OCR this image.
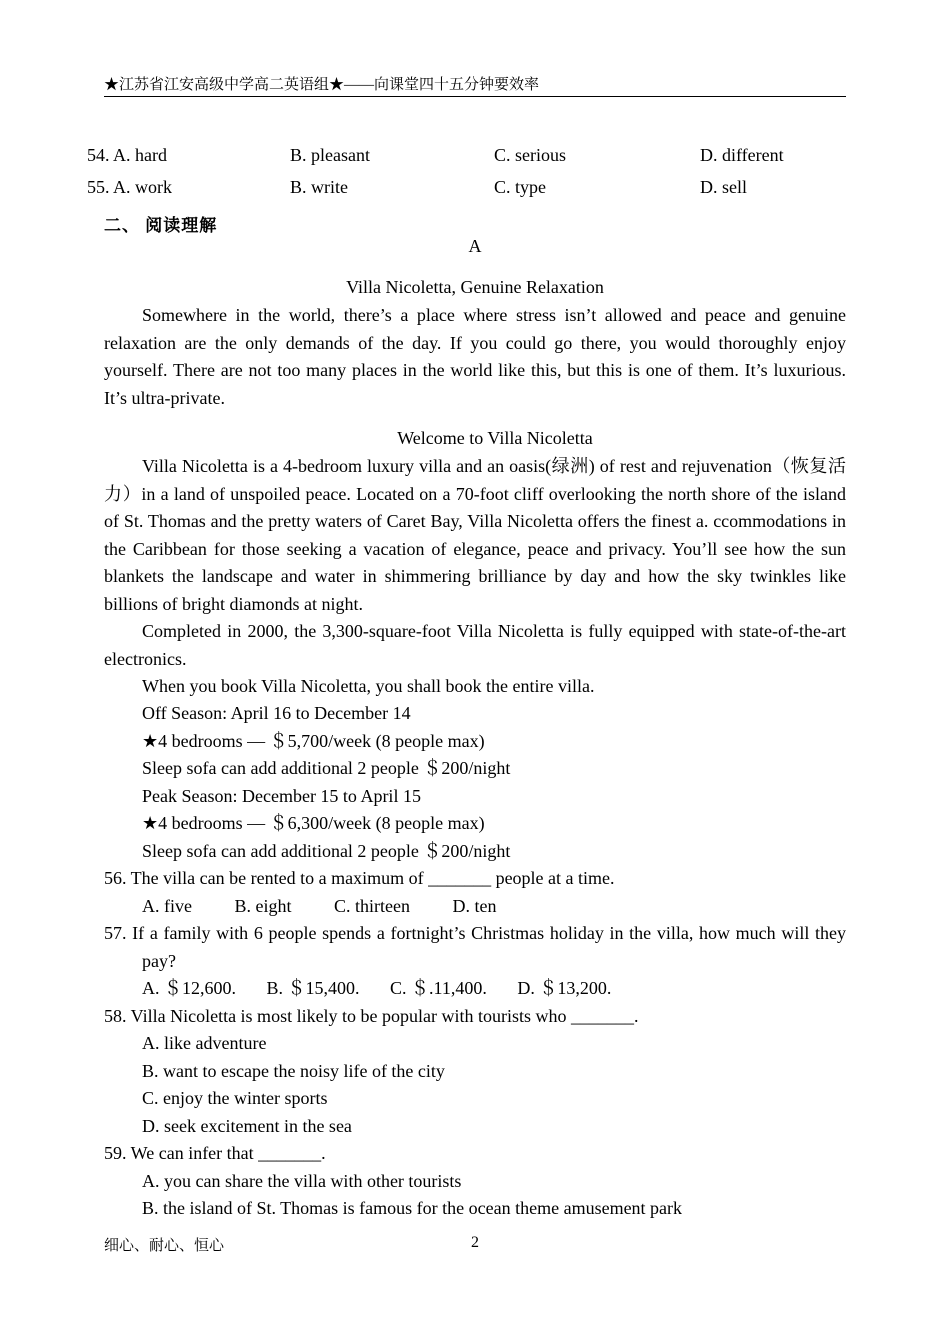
★江苏省江安高级中学高二英语组★——向课堂四十五分钟要效率
54. A. hard	B. pleasant	C. serious	D. different
55. A. work	B. write	C. type	D. sell
二、 阅读理解
A
Villa Nicoletta, Genuine Relaxation
Somewhere in the world, there’s a place where stress isn’t allowed and peace and genuine relaxation are the only demands of the day. If you could go there, you would thoroughly enjoy yourself. There are not too many places in the world like this, but this is one of them. It’s luxurious. It’s ultra-private.
Welcome to Villa Nicoletta
Villa Nicoletta is a 4-bedroom luxury villa and an oasis(绿洲) of rest and rejuvenation（恢复活力）in a land of unspoiled peace. Located on a 70-foot cliff overlooking the north shore of the island of St. Thomas and the pretty waters of Caret Bay, Villa Nicoletta offers the finest a. ccommodations in the Caribbean for those seeking a vacation of elegance, peace and privacy. You’ll see how the sun blankets the landscape and water in shimmering brilliance by day and how the sky twinkles like billions of bright diamonds at night.
Completed in 2000, the 3,300-square-foot Villa Nicoletta is fully equipped with state-of-the-art electronics.
When you book Villa Nicoletta, you shall book the entire villa.
Off Season: April 16 to December 14
★4 bedrooms — ＄5,700/week (8 people max)
Sleep sofa can add additional 2 people ＄200/night
Peak Season: December 15 to April 15
★4 bedrooms — ＄6,300/week (8 people max)
Sleep sofa can add additional 2 people ＄200/night
56. The villa can be rented to a maximum of _______ people at a time.
A. five B. eight C. thirteen D. ten
57. If a family with 6 people spends a fortnight’s Christmas holiday in the villa, how much will they pay?
A. ＄12,600. B. ＄15,400. C. ＄.11,400. D. ＄13,200.
58. Villa Nicoletta is most likely to be popular with tourists who _______.
A. like adventure
B. want to escape the noisy life of the city
C. enjoy the winter sports
D. seek excitement in the sea
59. We can infer that _______.
A. you can share the villa with other tourists
B. the island of St. Thomas is famous for the ocean theme amusement park
细心、耐心、恒心	2
